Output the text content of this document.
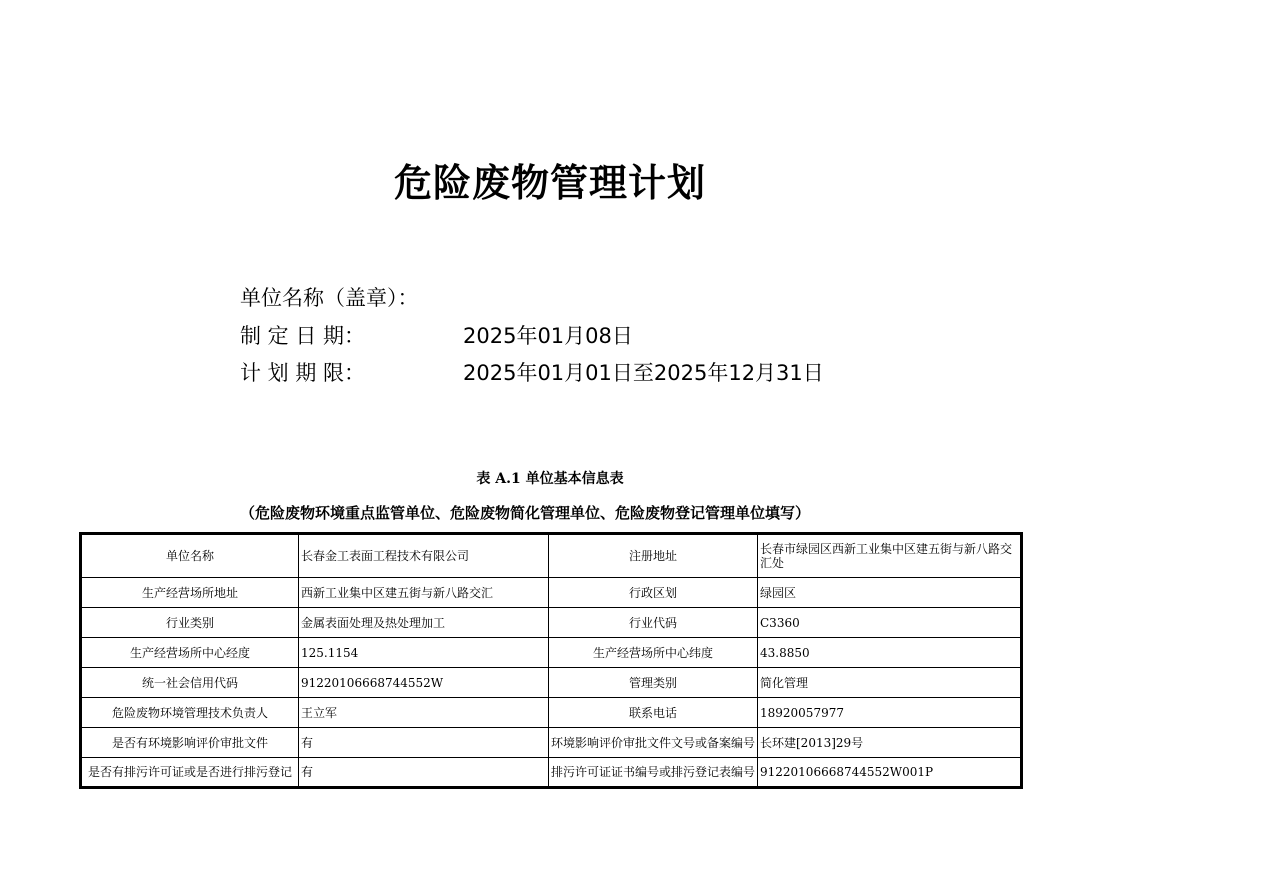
危险废物管理计划
单位名称（盖章）：
制 定 日 期：	2025年01月08日
计 划 期 限：	2025年01月01日至2025年12月31日
表 A.1 单位基本信息表
（危险废物环境重点监管单位、危险废物简化管理单位、危险废物登记管理单位填写）
单位名称	长春金工表面工程技术有限公司	注册地址	长春市绿园区西新工业集中区建五街与新八路交汇处
生产经营场所地址	西新工业集中区建五街与新八路交汇	行政区划	绿园区
行业类别	金属表面处理及热处理加工	行业代码	C3360
生产经营场所中心经度	125.1154	生产经营场所中心纬度	43.8850
统一社会信用代码	91220106668744552W	管理类别	简化管理
危险废物环境管理技术负责人	王立军	联系电话	18920057977
是否有环境影响评价审批文件	有	环境影响评价审批文件文号或备案编号	长环建[2013]29号
是否有排污许可证或是否进行排污登记	有	排污许可证证书编号或排污登记表编号	91220106668744552W001P
